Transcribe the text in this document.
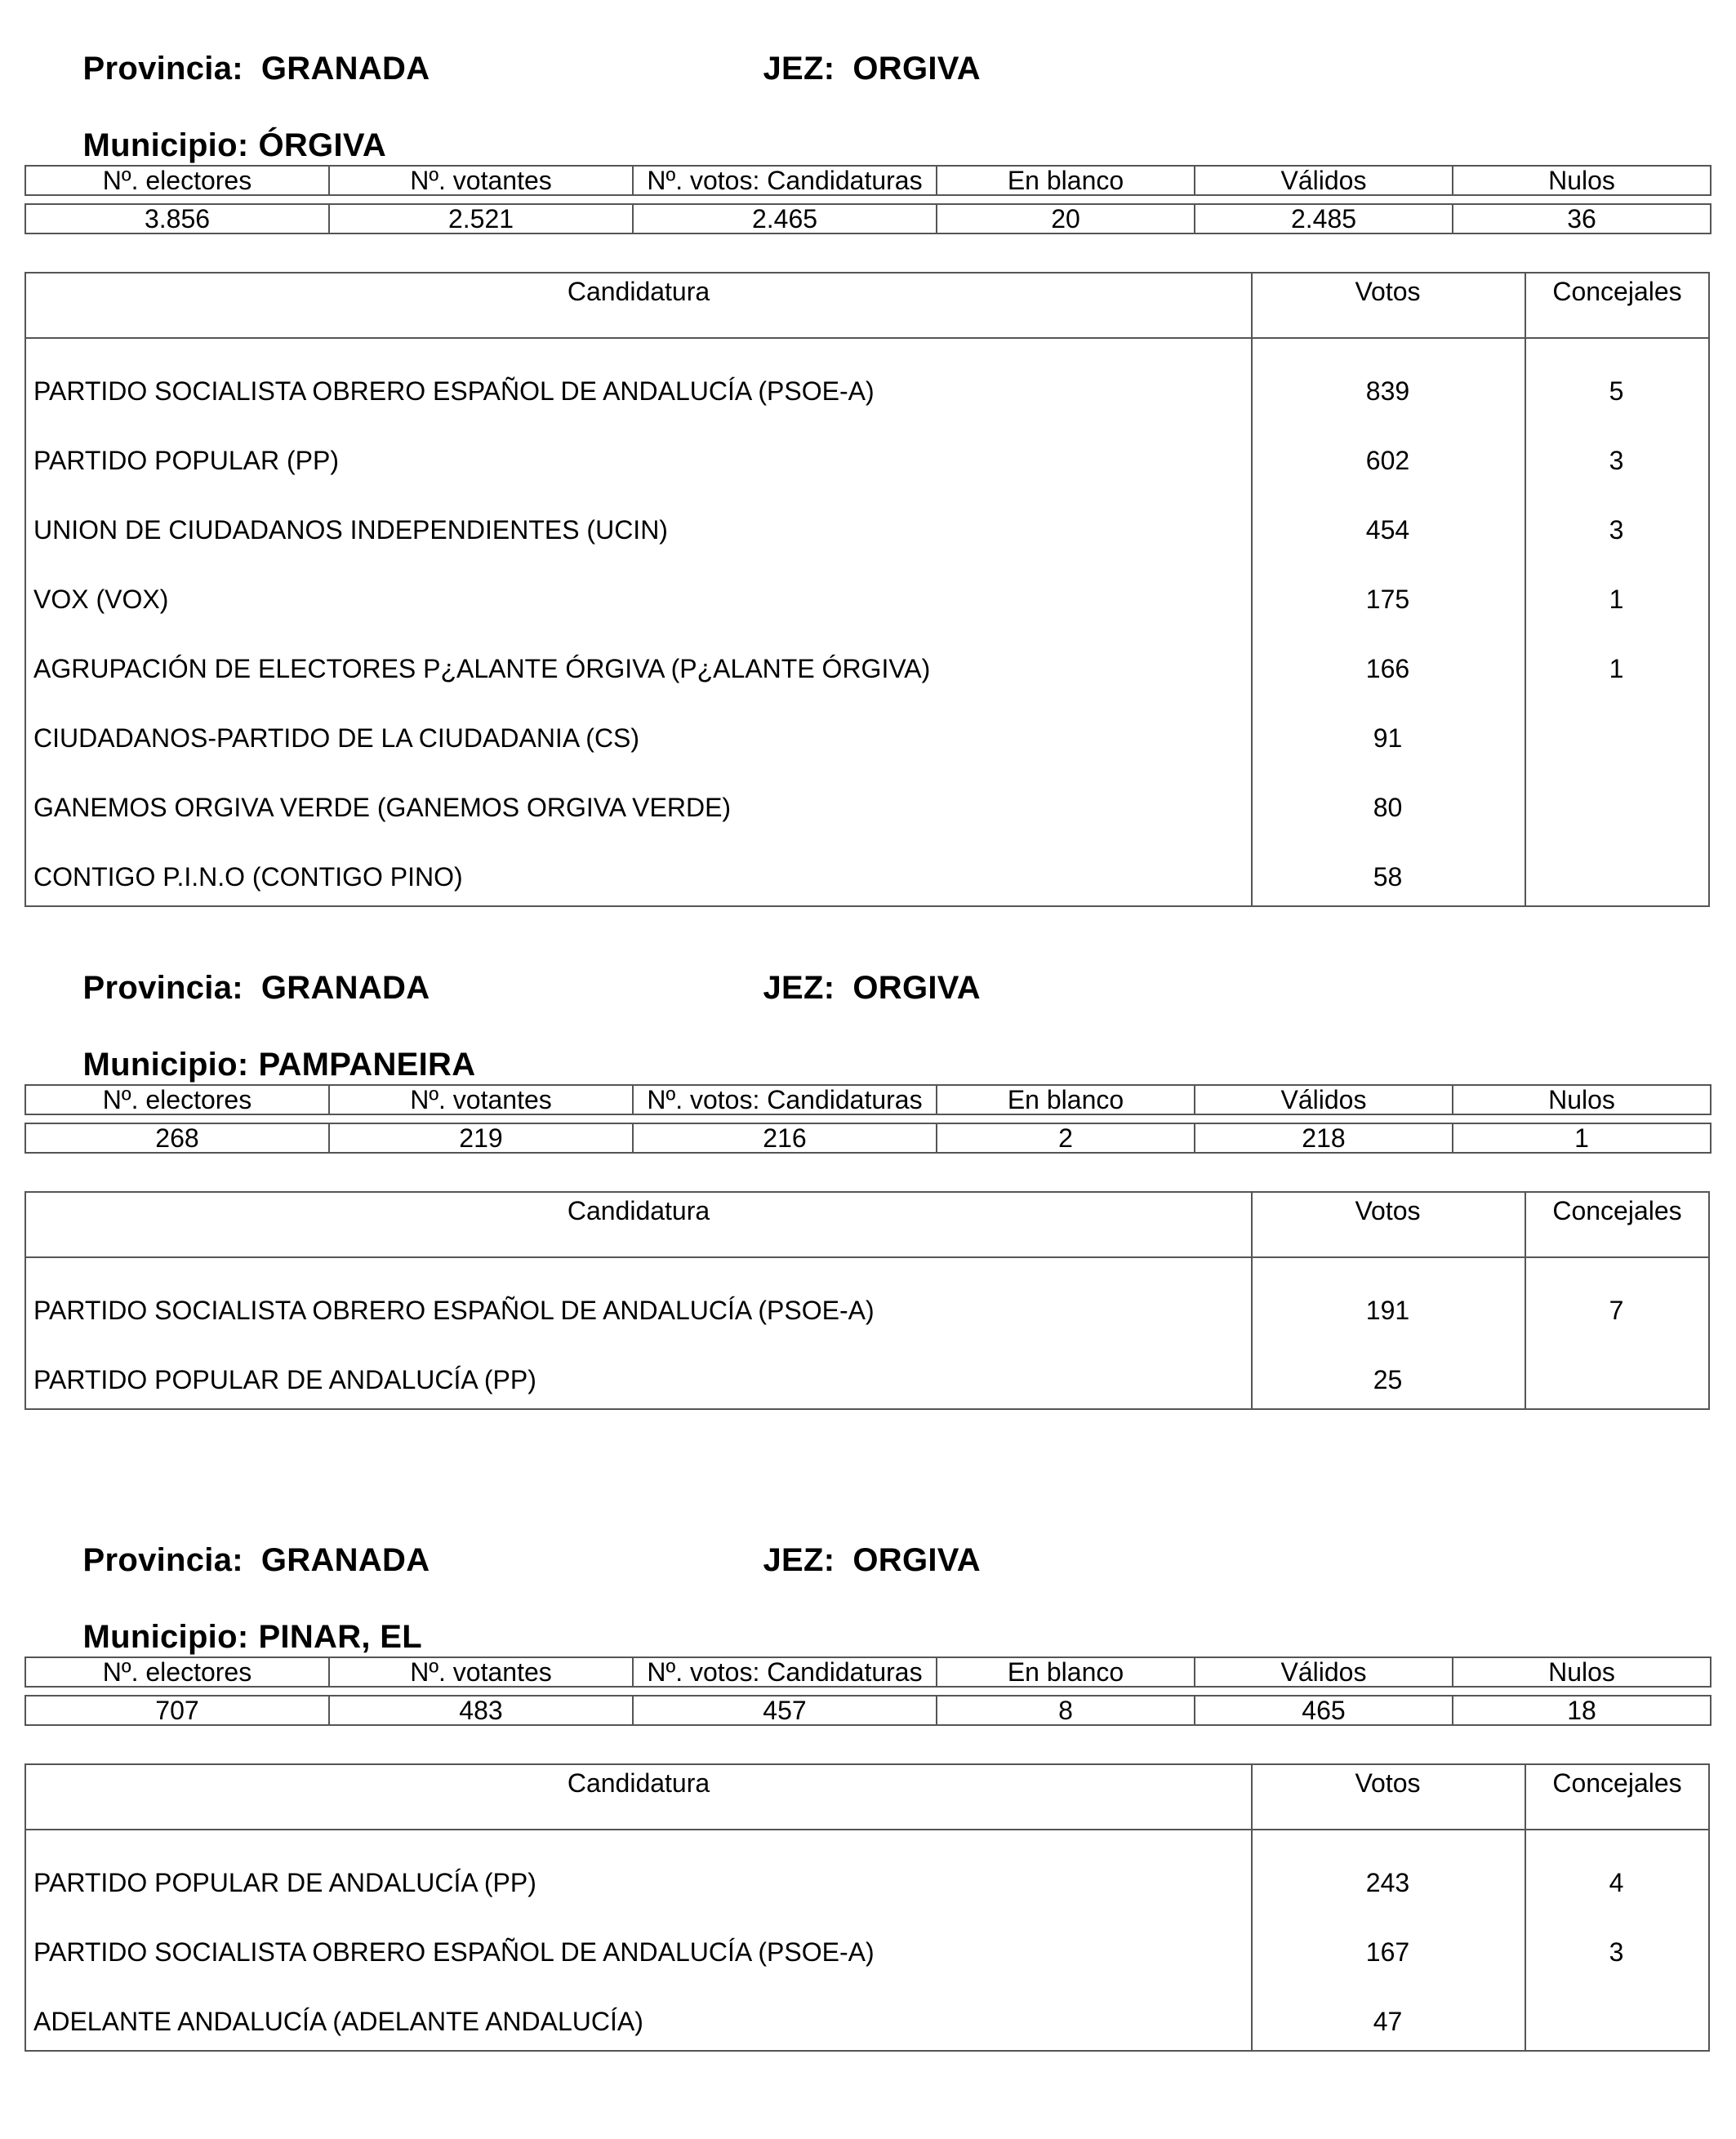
Provincia: GRANADA
	JEZ: ORGIVA

Municipio: ÓRGIVA

Nº. electores	Nº. votantes	Nº. votos: Candidaturas	En blanco	Válidos	Nulos

3.856	2.521	2.465	20	2.485	36
Candidatura	Votos	Concejales
PARTIDO SOCIALISTA OBRERO ESPAÑOL DE ANDALUCÍA (PSOE-A)	839	5
PARTIDO POPULAR (PP)	602	3
UNION DE CIUDADANOS INDEPENDIENTES (UCIN)	454	3
VOX (VOX)	175	1
AGRUPACIÓN DE ELECTORES P¿ALANTE ÓRGIVA (P¿ALANTE ÓRGIVA)	166	1
CIUDADANOS-PARTIDO DE LA CIUDADANIA (CS)	91
GANEMOS ORGIVA VERDE (GANEMOS ORGIVA VERDE)	80
CONTIGO P.I.N.O (CONTIGO PINO)	58

Provincia: GRANADA
	JEZ: ORGIVA

Municipio: PAMPANEIRA

Nº. electores	Nº. votantes	Nº. votos: Candidaturas	En blanco	Válidos	Nulos

268	219	216	2	218	1
Candidatura	Votos	Concejales
PARTIDO SOCIALISTA OBRERO ESPAÑOL DE ANDALUCÍA (PSOE-A)	191	7
PARTIDO POPULAR DE ANDALUCÍA (PP)	25

Provincia: GRANADA
	JEZ: ORGIVA

Municipio: PINAR, EL

Nº. electores	Nº. votantes	Nº. votos: Candidaturas	En blanco	Válidos	Nulos

707	483	457	8	465	18
Candidatura	Votos	Concejales
PARTIDO POPULAR DE ANDALUCÍA (PP)	243	4
PARTIDO SOCIALISTA OBRERO ESPAÑOL DE ANDALUCÍA (PSOE-A)	167	3
ADELANTE ANDALUCÍA (ADELANTE ANDALUCÍA)	47
